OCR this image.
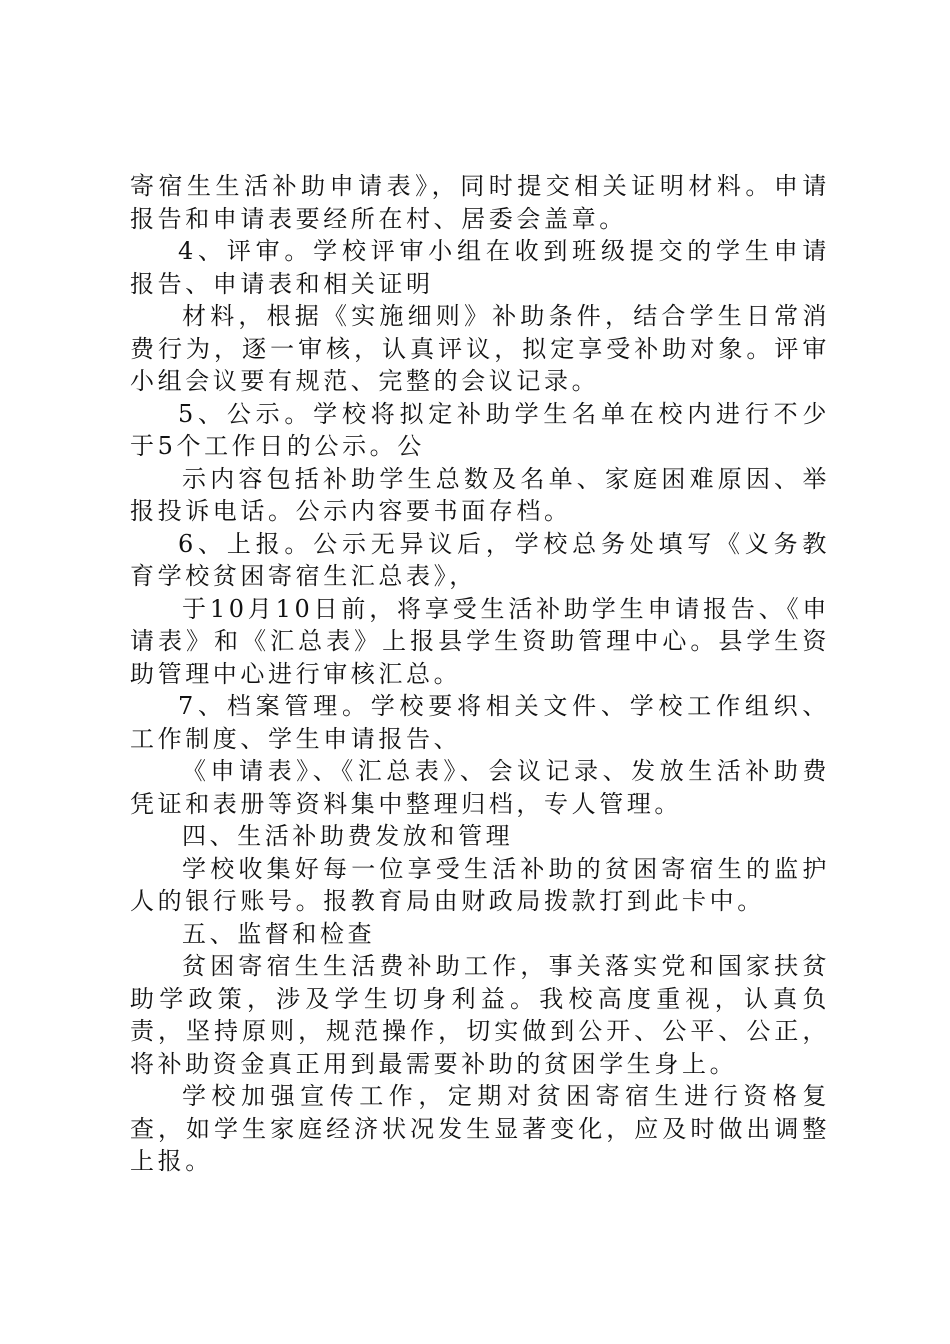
寄宿生生活补助申请表》，同时提交相关证明材料。申请报告和申请表要经所在村、居委会盖章。

4、评审。学校评审小组在收到班级提交的学生申请报告、申请表和相关证明

材料，根据《实施细则》补助条件，结合学生日常消费行为，逐一审核，认真评议，拟定享受补助对象。评审小组会议要有规范、完整的会议记录。

5、公示。学校将拟定补助学生名单在校内进行不少于5个工作日的公示。公

示内容包括补助学生总数及名单、家庭困难原因、举报投诉电话。公示内容要书面存档。

6、上报。公示无异议后，学校总务处填写《义务教育学校贫困寄宿生汇总表》，

于10月10日前，将享受生活补助学生申请报告、《申请表》和《汇总表》上报县学生资助管理中心。县学生资助管理中心进行审核汇总。

7、档案管理。学校要将相关文件、学校工作组织、工作制度、学生申请报告、

《申请表》、《汇总表》、会议记录、发放生活补助费凭证和表册等资料集中整理归档，专人管理。

四、生活补助费发放和管理

学校收集好每一位享受生活补助的贫困寄宿生的监护人的银行账号。报教育局由财政局拨款打到此卡中。

五、监督和检查

贫困寄宿生生活费补助工作，事关落实党和国家扶贫助学政策，涉及学生切身利益。我校高度重视，认真负责，坚持原则，规范操作，切实做到公开、公平、公正，将补助资金真正用到最需要补助的贫困学生身上。

学校加强宣传工作，定期对贫困寄宿生进行资格复查，如学生家庭经济状况发生显著变化，应及时做出调整上报。
